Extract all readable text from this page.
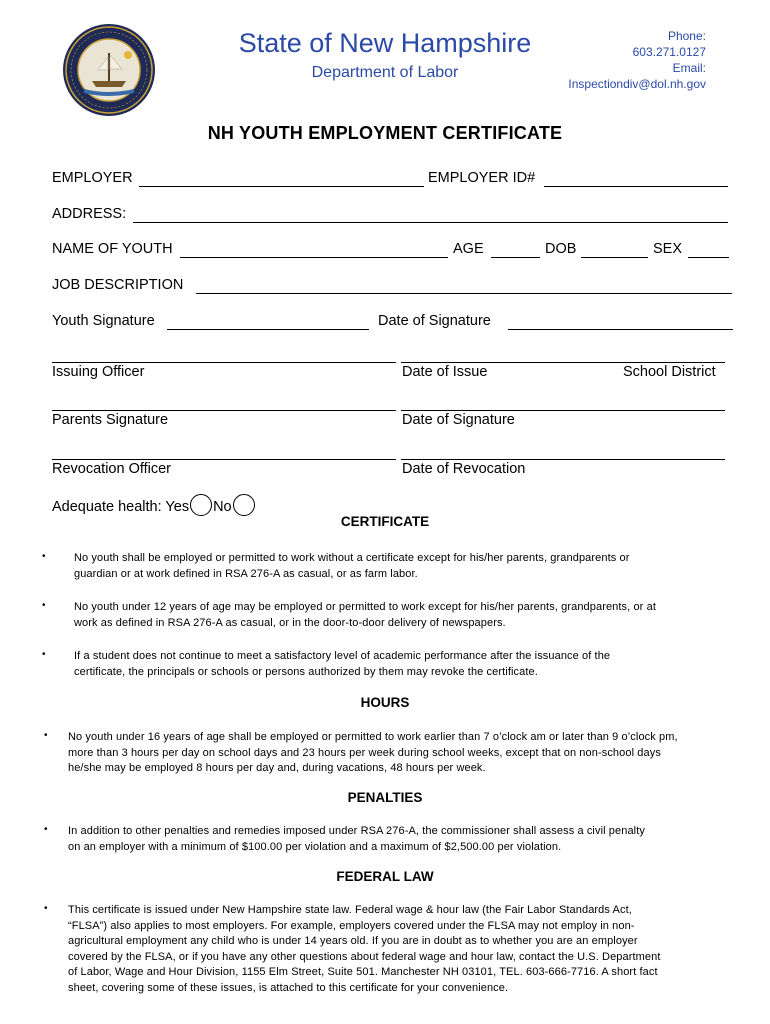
State of New Hampshire
Department of Labor
Phone:
603.271.0127
Email:
Inspectiondiv@dol.nh.gov
NH YOUTH EMPLOYMENT CERTIFICATE
EMPLOYER	EMPLOYER ID#
ADDRESS:
NAME OF YOUTH	AGE	DOB	SEX
JOB DESCRIPTION
Youth Signature	Date of Signature
Issuing Officer	Date of Issue	School District
Parents Signature	Date of Signature
Revocation Officer	Date of Revocation
Adequate health: Yes No
CERTIFICATE
•	No youth shall be employed or permitted to work without a certificate except for his/her parents, grandparents or
guardian or at work defined in RSA 276-A as casual, or as farm labor.
•	No youth under 12 years of age may be employed or permitted to work except for his/her parents, grandparents, or at
work as defined in RSA 276-A as casual, or in the door-to-door delivery of newspapers.
•	If a student does not continue to meet a satisfactory level of academic performance after the issuance of the
certificate, the principals or schools or persons authorized by them may revoke the certificate.
HOURS
• No youth under 16 years of age shall be employed or permitted to work earlier than 7 o’clock am or later than 9 o’clock pm,
more than 3 hours per day on school days and 23 hours per week during school weeks, except that on non-school days
he/she may be employed 8 hours per day and, during vacations, 48 hours per week.
PENALTIES
• In addition to other penalties and remedies imposed under RSA 276-A, the commissioner shall assess a civil penalty
on an employer with a minimum of $100.00 per violation and a maximum of $2,500.00 per violation.
FEDERAL LAW
• This certificate is issued under New Hampshire state law. Federal wage & hour law (the Fair Labor Standards Act,
“FLSA”) also applies to most employers. For example, employers covered under the FLSA may not employ in non-
agricultural employment any child who is under 14 years old. If you are in doubt as to whether you are an employer
covered by the FLSA, or if you have any other questions about federal wage and hour law, contact the U.S. Department
of Labor, Wage and Hour Division, 1155 Elm Street, Suite 501. Manchester NH 03101, TEL. 603-666-7716. A short fact
sheet, covering some of these issues, is attached to this certificate for your convenience.
